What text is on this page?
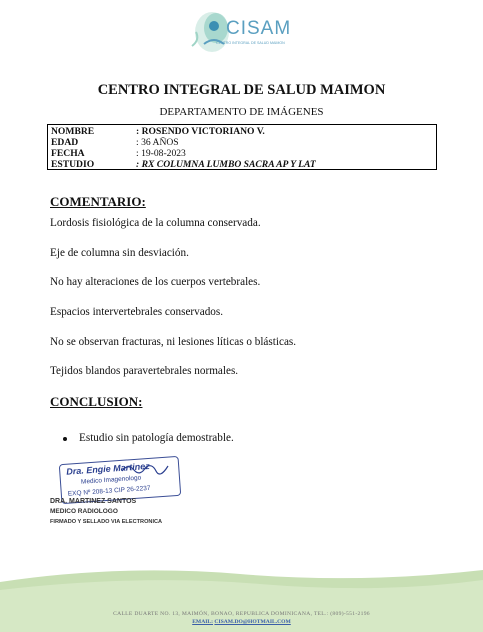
CISAM
CENTRO INTEGRAL DE SALUD MAIMON
CENTRO INTEGRAL DE SALUD MAIMON
DEPARTAMENTO DE IMÁGENES
NOMBRE	: ROSENDO VICTORIANO V.
EDAD	: 36 AÑOS
FECHA	: 19-08-2023
ESTUDIO	: RX COLUMNA LUMBO SACRA AP Y LAT
COMENTARIO:
Lordosis fisiológica de la columna conservada.
Eje de columna sin desviación.
No hay alteraciones de los cuerpos vertebrales.
Espacios intervertebrales conservados.
No se observan fracturas, ni lesiones líticas o blásticas.
Tejidos blandos paravertebrales normales.
CONCLUSION:
Estudio sin patología demostrable.
Dra. Engie Martinez
Medico Imagenologo
EXQ Nº 208-13 CIP 26-2237
DRA. MARTINEZ SANTOS
MEDICO RADIOLOGO
FIRMADO Y SELLADO VIA ELECTRONICA
CALLE DUARTE NO. 13, MAIMÓN, BONAO, REPUBLICA DOMINICANA, TEL.: (809)-551-2196
EMAIL: CISAM.DO@HOTMAIL.COM
